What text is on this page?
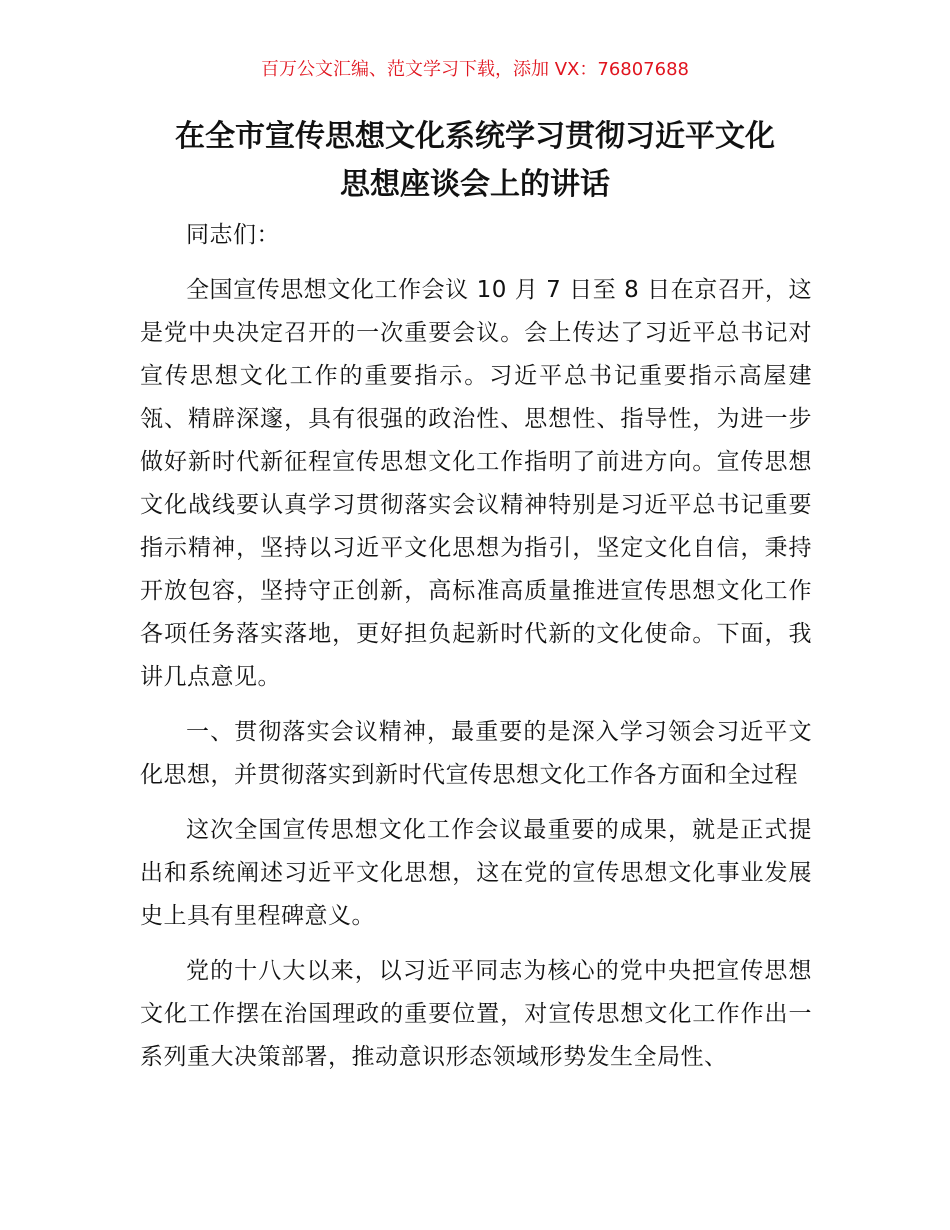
百万公文汇编、范文学习下载，添加 VX：76807688
在全市宣传思想文化系统学习贯彻习近平文化
思想座谈会上的讲话

同志们：

全国宣传思想文化工作会议 10 月 7 日至 8 日在京召开，这是党中央决定召开的一次重要会议。会上传达了习近平总书记对宣传思想文化工作的重要指示。习近平总书记重要指示高屋建瓴、精辟深邃，具有很强的政治性、思想性、指导性，为进一步做好新时代新征程宣传思想文化工作指明了前进方向。宣传思想文化战线要认真学习贯彻落实会议精神特别是习近平总书记重要指示精神，坚持以习近平文化思想为指引，坚定文化自信，秉持开放包容，坚持守正创新，高标准高质量推进宣传思想文化工作各项任务落实落地，更好担负起新时代新的文化使命。下面，我讲几点意见。

一、贯彻落实会议精神，最重要的是深入学习领会习近平文化思想，并贯彻落实到新时代宣传思想文化工作各方面和全过程

这次全国宣传思想文化工作会议最重要的成果，就是正式提出和系统阐述习近平文化思想，这在党的宣传思想文化事业发展史上具有里程碑意义。

党的十八大以来，以习近平同志为核心的党中央把宣传思想文化工作摆在治国理政的重要位置，对宣传思想文化工作作出一系列重大决策部署，推动意识形态领域形势发生全局性、
